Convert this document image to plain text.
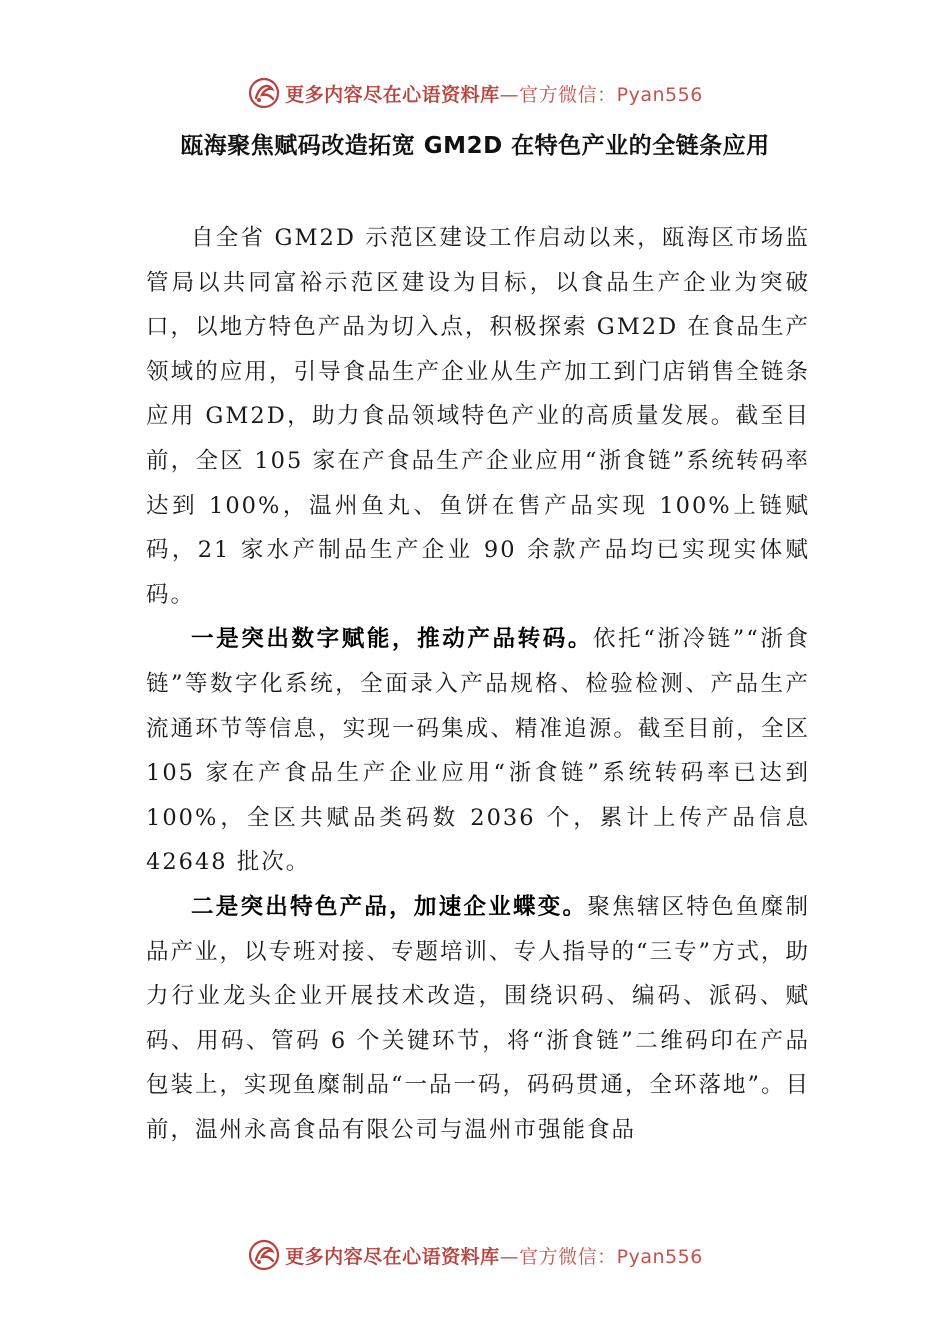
更多内容尽在心语资料库 —官方微信：Pyan556
瓯海聚焦赋码改造拓宽 GM2D 在特色产业的全链条应用

自全省 GM2D 示范区建设工作启动以来，瓯海区市场监管局以共同富裕示范区建设为目标，以食品生产企业为突破口，以地方特色产品为切入点，积极探索 GM2D 在食品生产领域的应用，引导食品生产企业从生产加工到门店销售全链条应用 GM2D，助力食品领域特色产业的高质量发展。截至目前，全区 105 家在产食品生产企业应用“浙食链”系统转码率达到 100%，温州鱼丸、鱼饼在售产品实现 100%上链赋码，21 家水产制品生产企业 90 余款产品均已实现实体赋码。

一是突出数字赋能，推动产品转码。依托“浙冷链”“浙食链”等数字化系统，全面录入产品规格、检验检测、产品生产流通环节等信息，实现一码集成、精准追源。截至目前，全区 105 家在产食品生产企业应用“浙食链”系统转码率已达到 100%，全区共赋品类码数 2036 个，累计上传产品信息 42648 批次。

二是突出特色产品，加速企业蝶变。聚焦辖区特色鱼糜制品产业，以专班对接、专题培训、专人指导的“三专”方式，助力行业龙头企业开展技术改造，围绕识码、编码、派码、赋码、用码、管码 6 个关键环节，将“浙食链”二维码印在产品包装上，实现鱼糜制品“一品一码，码码贯通，全环落地”。目前，温州永高食品有限公司与温州市强能食品

更多内容尽在心语资料库 —官方微信：Pyan556
